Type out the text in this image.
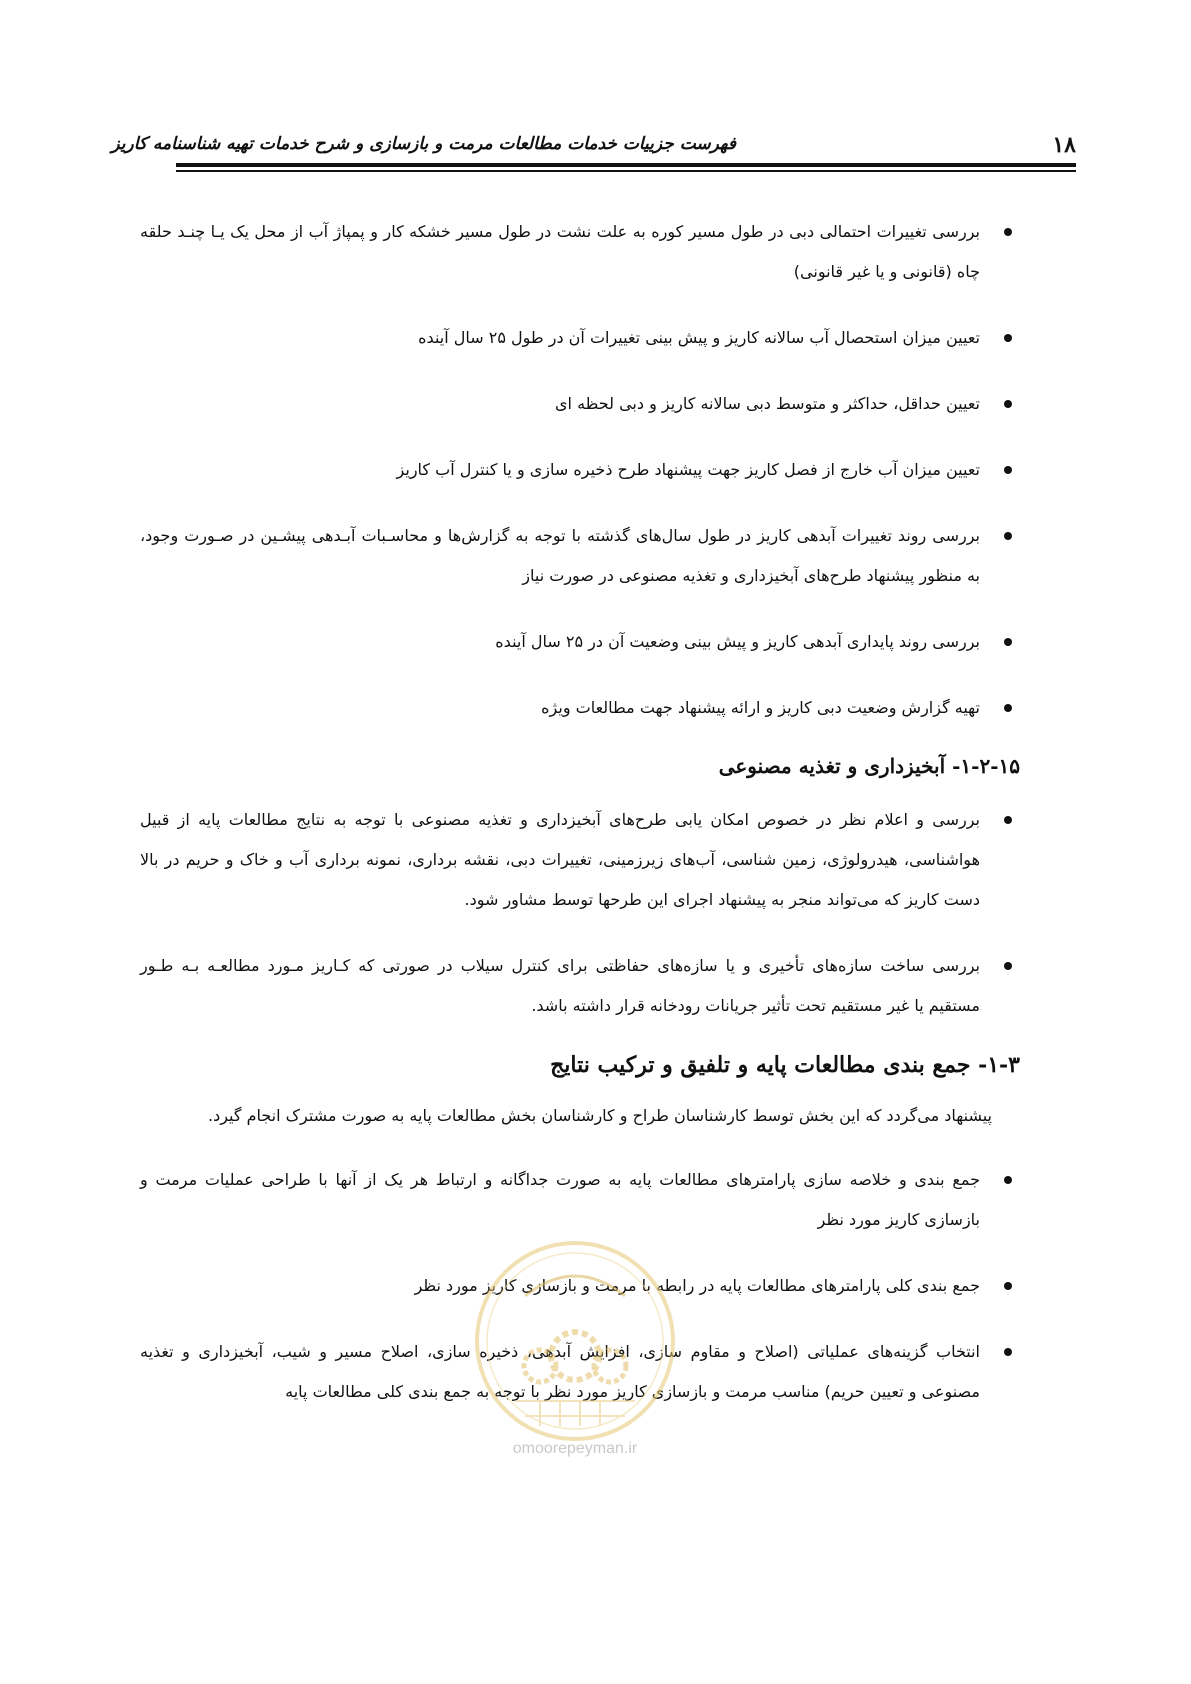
۱۸
فهرست جزییات خدمات مطالعات مرمت و بازسازی و شرح خدمات تهیه شناسنامه کاریز
بررسی تغییرات احتمالی دبی در طول مسیر کوره به علت نشت در طول مسیر خشکه کار و پمپاژ آب از محل یک یـا چنـد حلقه چاه (قانونی و یا غیر قانونی)
تعیین میزان استحصال آب سالانه کاریز و پیش بینی تغییرات آن در طول ۲۵ سال آینده
تعیین حداقل، حداکثر و متوسط دبی سالانه کاریز و دبی لحظه ای
تعیین میزان آب خارج از فصل کاریز جهت پیشنهاد طرح ذخیره سازی و یا کنترل آب کاریز
بررسی روند تغییرات آبدهی کاریز در طول سال‌های گذشته با توجه به گزارش‌ها و محاسـبات آبـدهی پیشـین در صـورت وجود، به منظور پیشنهاد طرح‌های آبخیزداری و تغذیه مصنوعی در صورت نیاز
بررسی روند پایداری آبدهی کاریز و پیش بینی وضعیت آن در ۲۵ سال آینده
تهیه گزارش وضعیت دبی کاریز و ارائه پیشنهاد جهت مطالعات ویژه
۱-۲-۱۵- آبخیزداری و تغذیه مصنوعی
بررسی و اعلام نظر در خصوص امکان یابی طرح‌های آبخیزداری و تغذیه مصنوعی با توجه به نتایج مطالعات پایه از قبیل هواشناسی، هیدرولوژی، زمین شناسی، آب‌های زیرزمینی، تغییرات دبی، نقشه برداری، نمونه برداری آب و خاک و حریم در بالا دست کاریز که می‌تواند منجر به پیشنهاد اجرای این طرحها توسط مشاور شود.
بررسی ساخت سازه‌های تأخیری و یا سازه‌های حفاظتی برای کنترل سیلاب در صورتی که کـاریز مـورد مطالعـه بـه طـور مستقیم یا غیر مستقیم تحت تأثیر جریانات رودخانه قرار داشته باشد.
۱-۳- جمع بندی مطالعات پایه و تلفیق و ترکیب نتایج

پیشنهاد می‌گردد که این بخش توسط کارشناسان طراح و کارشناسان بخش مطالعات پایه به صورت مشترک انجام گیرد.

جمع بندی و خلاصه سازی پارامترهای مطالعات پایه به صورت جداگانه و ارتباط هر یک از آنها با طراحی عملیات مرمت و بازسازی کاریز مورد نظر
جمع بندی کلی پارامترهای مطالعات پایه در رابطه با مرمت و بازسازی کاریز مورد نظر
انتخاب گزینه‌های عملیاتی (اصلاح و مقاوم سازی، افزایش آبدهی، ذخیره سازی، اصلاح مسیر و شیب، آبخیزداری و تغذیه مصنوعی و تعیین حریم) مناسب مرمت و بازسازی کاریز مورد نظر با توجه به جمع بندی کلی مطالعات پایه
omoorepeyman.ir
